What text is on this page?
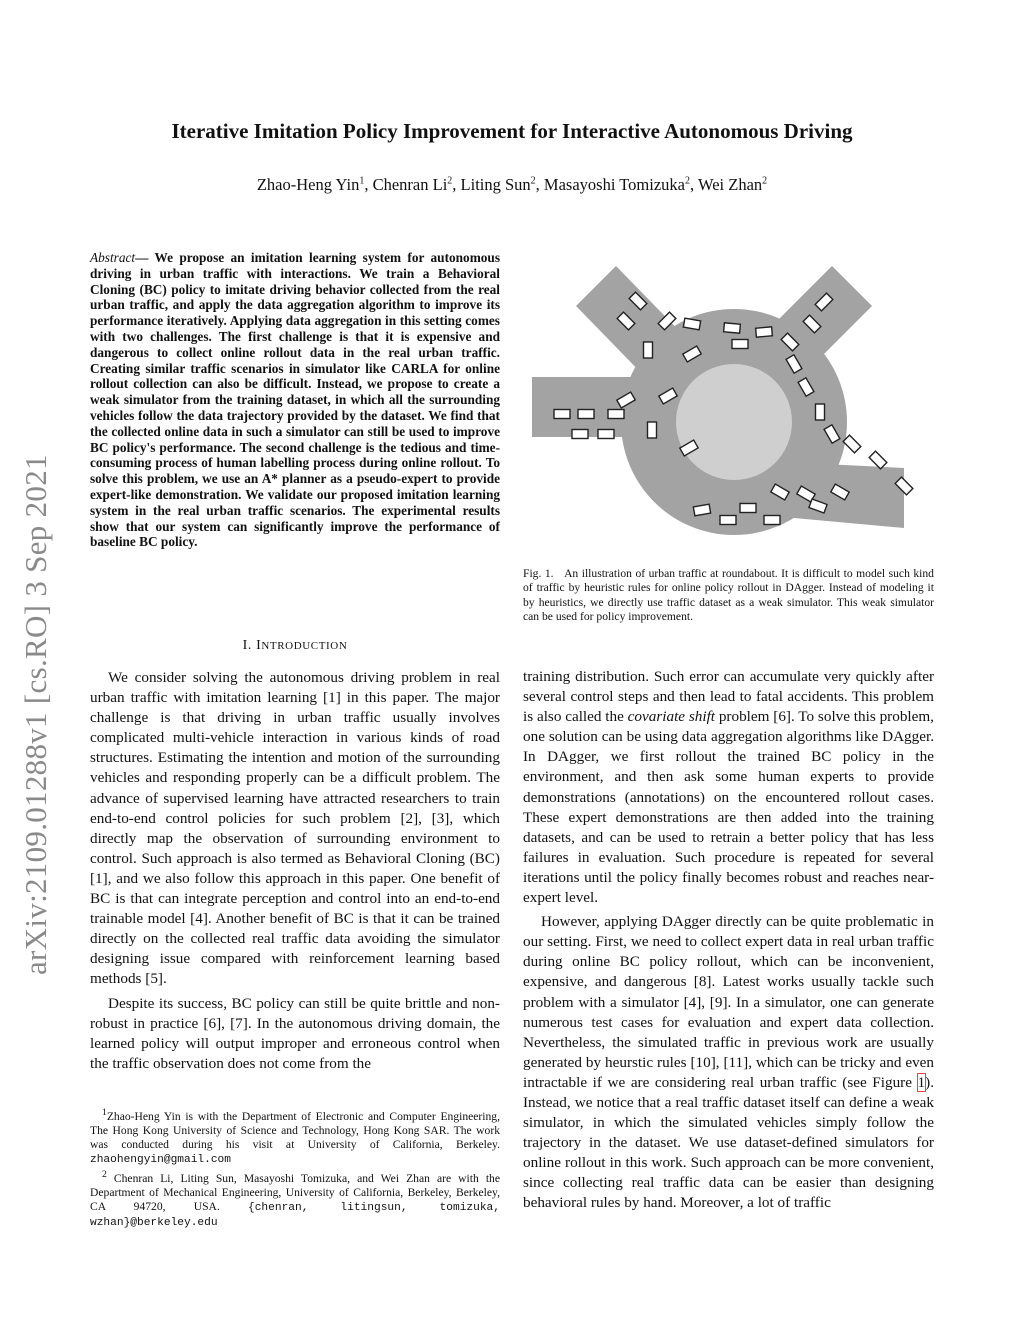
Iterative Imitation Policy Improvement for Interactive Autonomous Driving
Zhao-Heng Yin$^1$, Chenran Li$^2$, Liting Sun$^2$, Masayoshi Tomizuka$^2$, Wei Zhan$^2$
arXiv:2109.01288v1 [cs.RO] 3 Sep 2021
Abstract— We propose an imitation learning system for autonomous driving in urban traffic with interactions. We train a Behavioral Cloning (BC) policy to imitate driving behavior collected from the real urban traffic, and apply the data aggregation algorithm to improve its performance iteratively. Applying data aggregation in this setting comes with two challenges. The first challenge is that it is expensive and dangerous to collect online rollout data in the real urban traffic. Creating similar traffic scenarios in simulator like CARLA for online rollout collection can also be difficult. Instead, we propose to create a weak simulator from the training dataset, in which all the surrounding vehicles follow the data trajectory provided by the dataset. We find that the collected online data in such a simulator can still be used to improve BC policy's performance. The second challenge is the tedious and time-consuming process of human labelling process during online rollout. To solve this problem, we use an A* planner as a pseudo-expert to provide expert-like demonstration. We validate our proposed imitation learning system in the real urban traffic scenarios. The experimental results show that our system can significantly improve the performance of baseline BC policy.
I. INTRODUCTION

We consider solving the autonomous driving problem in real urban traffic with imitation learning [1] in this paper. The major challenge is that driving in urban traffic usually involves complicated multi-vehicle interaction in various kinds of road structures. Estimating the intention and motion of the surrounding vehicles and responding properly can be a difficult problem. The advance of supervised learning have attracted researchers to train end-to-end control policies for such problem [2], [3], which directly map the observation of surrounding environment to control. Such approach is also termed as Behavioral Cloning (BC) [1], and we also follow this approach in this paper. One benefit of BC is that can integrate perception and control into an end-to-end trainable model [4]. Another benefit of BC is that it can be trained directly on the collected real traffic data avoiding the simulator designing issue compared with reinforcement learning based methods [5].

Despite its success, BC policy can still be quite brittle and non-robust in practice [6], [7]. In the autonomous driving domain, the learned policy will output improper and erroneous control when the traffic observation does not come from the

$^1$Zhao-Heng Yin is with the Department of Electronic and Computer Engineering, The Hong Kong University of Science and Technology, Hong Kong SAR. The work was conducted during his visit at University of California, Berkeley. zhaohengyin@gmail.com
$^2$ Chenran Li, Liting Sun, Masayoshi Tomizuka, and Wei Zhan are with the Department of Mechanical Engineering, University of California, Berkeley, Berkeley, CA 94720, USA.	{chenran, litingsun, tomizuka, wzhan}@berkeley.edu
Fig. 1. An illustration of urban traffic at roundabout. It is difficult to model such kind of traffic by heuristic rules for online policy rollout in DAgger. Instead of modeling it by heuristics, we directly use traffic dataset as a weak simulator. This weak simulator can be used for policy improvement.

training distribution. Such error can accumulate very quickly after several control steps and then lead to fatal accidents. This problem is also called the covariate shift problem [6]. To solve this problem, one solution can be using data aggregation algorithms like DAgger. In DAgger, we first rollout the trained BC policy in the environment, and then ask some human experts to provide demonstrations (annotations) on the encountered rollout cases. These expert demonstrations are then added into the training datasets, and can be used to retrain a better policy that has less failures in evaluation. Such procedure is repeated for several iterations until the policy finally becomes robust and reaches near-expert level.

However, applying DAgger directly can be quite problematic in our setting. First, we need to collect expert data in real urban traffic during online BC policy rollout, which can be inconvenient, expensive, and dangerous [8]. Latest works usually tackle such problem with a simulator [4], [9]. In a simulator, one can generate numerous test cases for evaluation and expert data collection. Nevertheless, the simulated traffic in previous work are usually generated by heurstic rules [10], [11], which can be tricky and even intractable if we are considering real urban traffic (see Figure 1). Instead, we notice that a real traffic dataset itself can define a weak simulator, in which the simulated vehicles simply follow the trajectory in the dataset. We use dataset-defined simulators for online rollout in this work. Such approach can be more convenient, since collecting real traffic data can be easier than designing behavioral rules by hand. Moreover, a lot of traffic
